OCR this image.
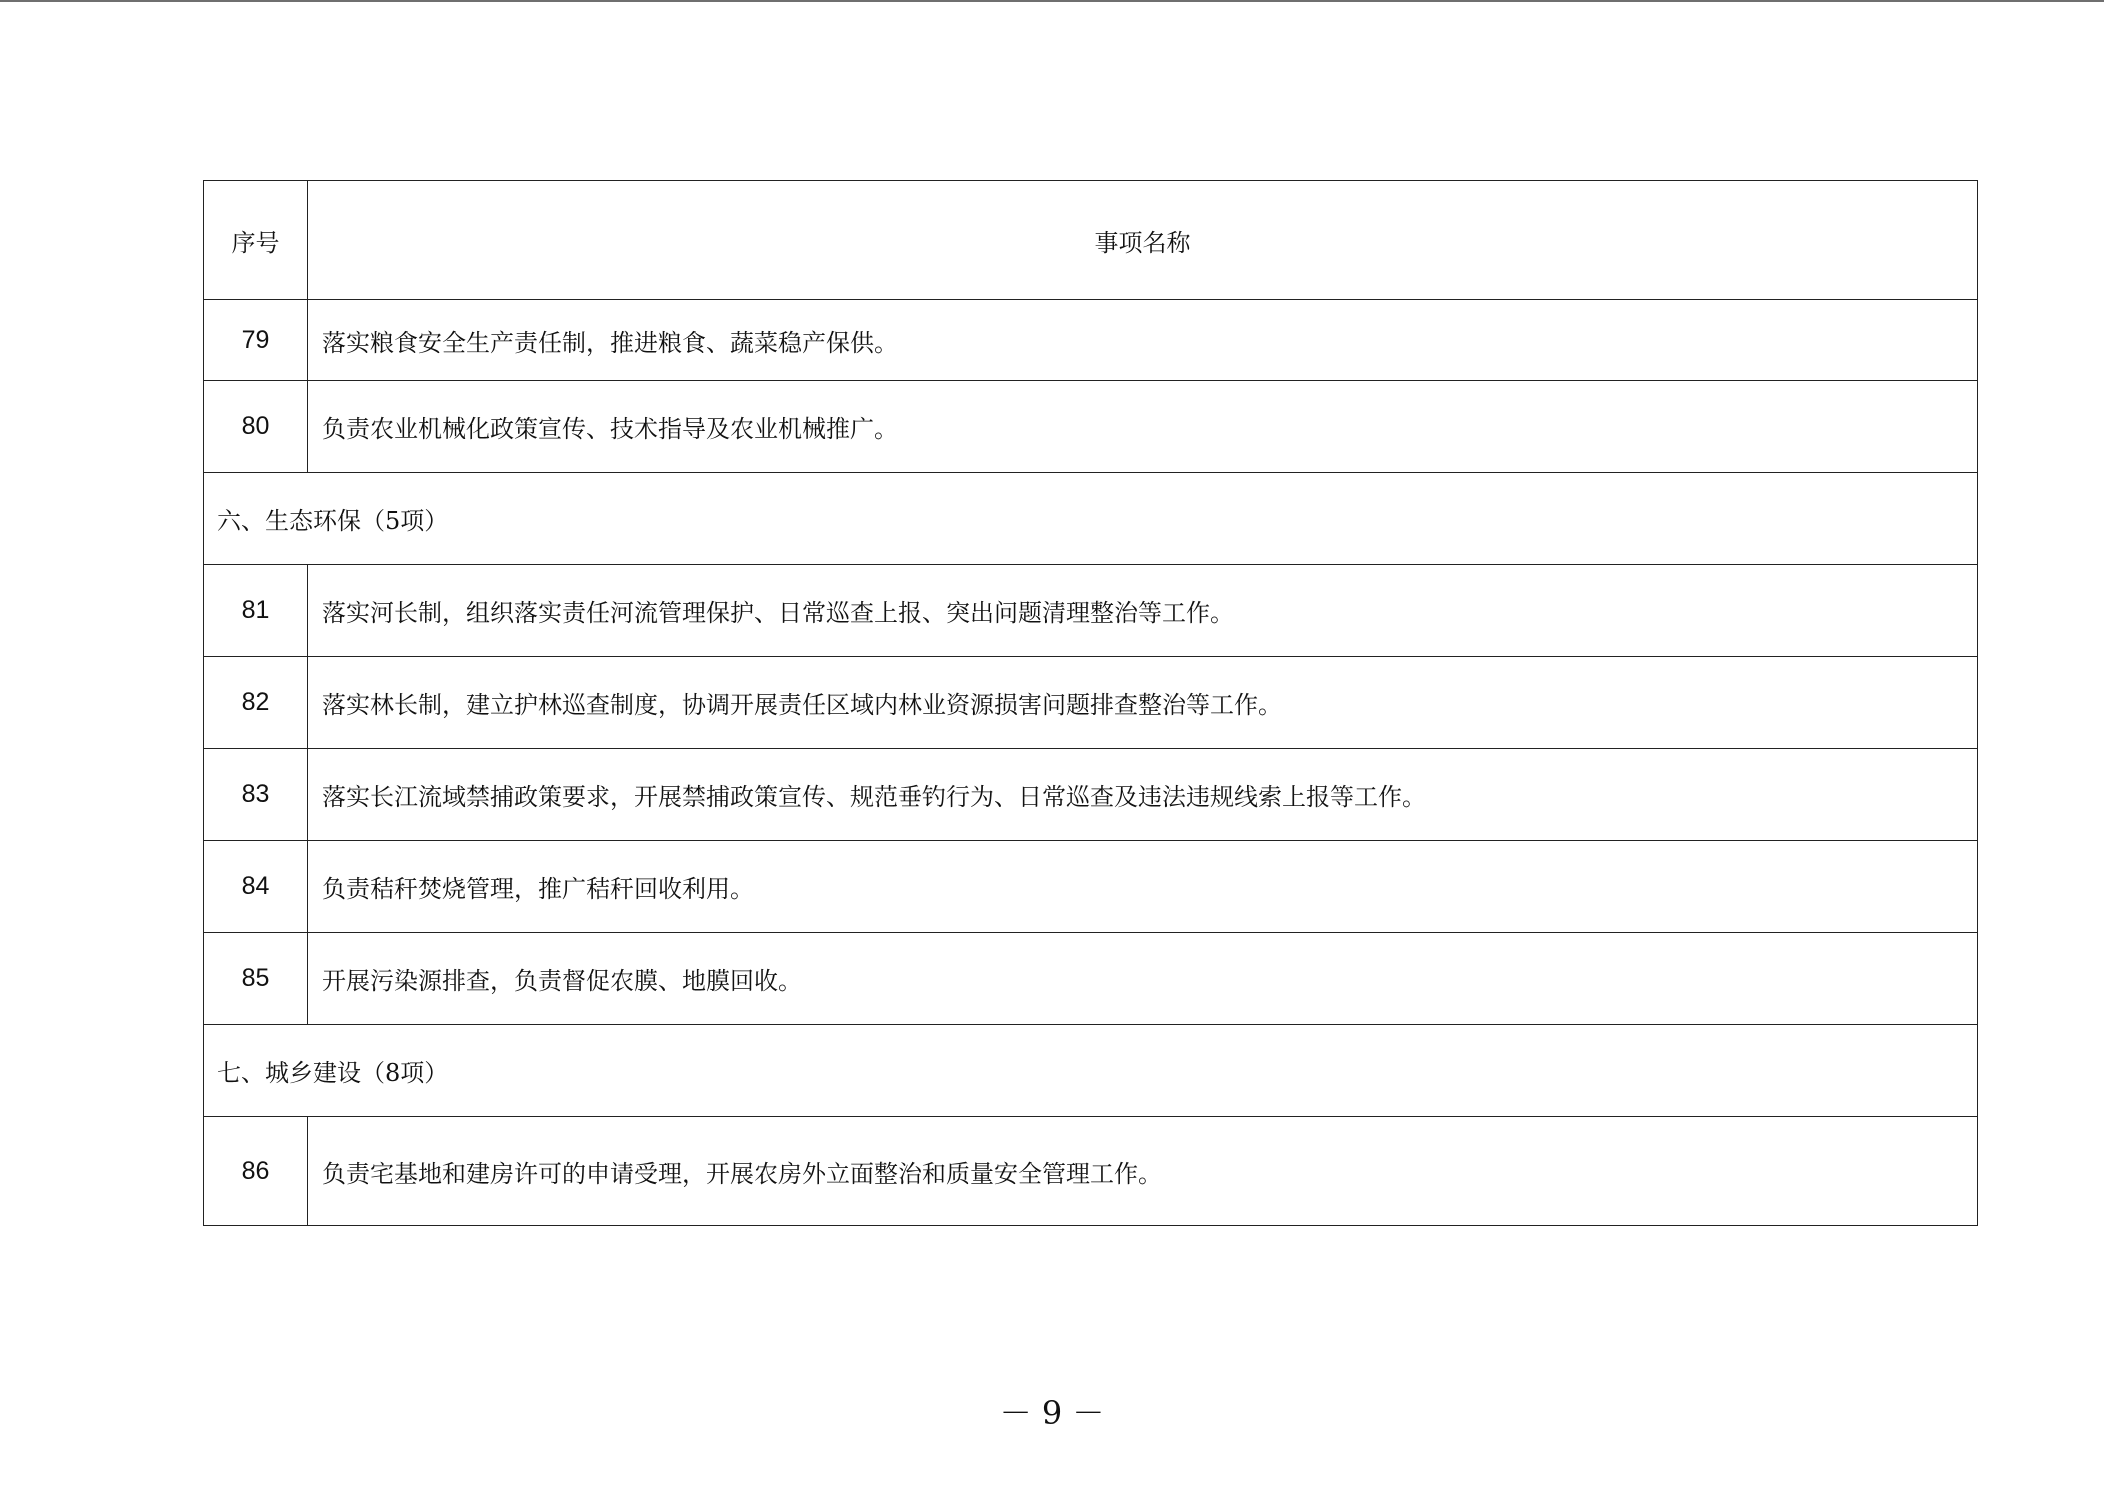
序号	事项名称
79	落实粮食安全生产责任制，推进粮食、蔬菜稳产保供。
80	负责农业机械化政策宣传、技术指导及农业机械推广。
六、生态环保（5项）	
81	落实河长制，组织落实责任河流管理保护、日常巡查上报、突出问题清理整治等工作。
82	落实林长制，建立护林巡查制度，协调开展责任区域内林业资源损害问题排查整治等工作。
83	落实长江流域禁捕政策要求，开展禁捕政策宣传、规范垂钓行为、日常巡查及违法违规线索上报等工作。
84	负责秸秆焚烧管理，推广秸秆回收利用。
85	开展污染源排查，负责督促农膜、地膜回收。
七、城乡建设（8项）	
86	负责宅基地和建房许可的申请受理，开展农房外立面整治和质量安全管理工作。
－ 9 －
